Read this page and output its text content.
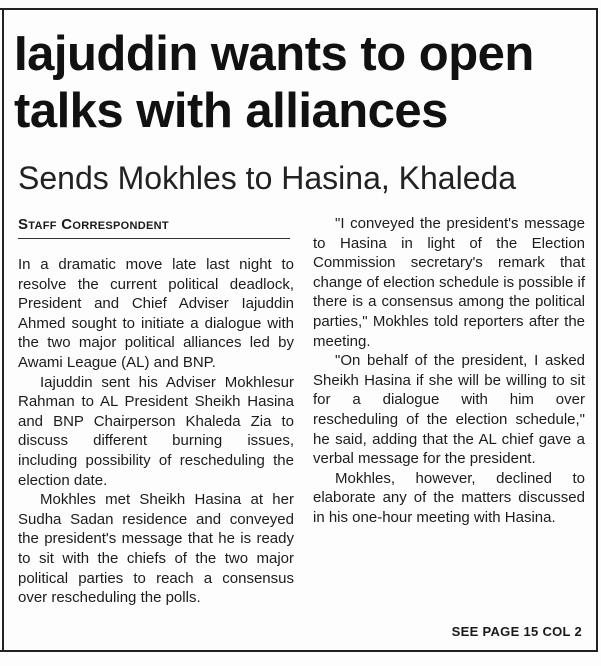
Iajuddin wants to open
talks with alliances
Sends Mokhles to Hasina, Khaleda
Staff Correspondent

In a dramatic move late last night to resolve the current political deadlock, President and Chief Adviser Iajuddin Ahmed sought to initiate a dialogue with the two major political alliances led by Awami League (AL) and BNP.

Iajuddin sent his Adviser Mokhlesur Rahman to AL President Sheikh Hasina and BNP Chairperson Khaleda Zia to discuss different burning issues, including possibility of rescheduling the election date.

Mokhles met Sheikh Hasina at her Sudha Sadan residence and conveyed the president's message that he is ready to sit with the chiefs of the two major political parties to reach a consensus over rescheduling the polls.

"I conveyed the president's message to Hasina in light of the Election Commission secretary's remark that change of election schedule is possible if there is a consensus among the political parties," Mokhles told reporters after the meeting.

"On behalf of the president, I asked Sheikh Hasina if she will be willing to sit for a dialogue with him over rescheduling of the election schedule," he said, adding that the AL chief gave a verbal message for the president.

Mokhles, however, declined to elaborate any of the matters discussed in his one-hour meeting with Hasina.

SEE PAGE 15 COL 2
